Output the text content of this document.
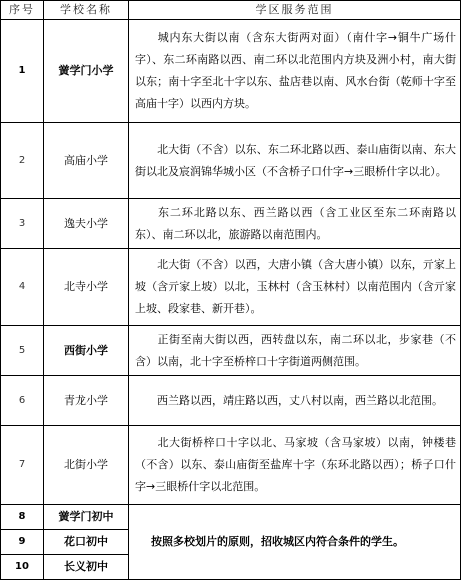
序号	学校名称	学区服务范围
1	黉学门小学	城内东大街以南（含东大街两对面）（南什字→铜牛广场什字）、东二环南路以西、南二环以北范围内方块及洲小村，南大街以东；南十字至北十字以东、盐店巷以南、风水台街（乾师十字至高庙十字）以西内方块。
2	高庙小学	北大街（不含）以东、东二环北路以西、泰山庙街以南、东大街以北及宸润锦华城小区（不含桥子口什字→三眼桥什字以北）。
3	逸夫小学	东二环北路以东、西兰路以西（含工业区至东二环南路以东）、南二环以北，旅游路以南范围内。
4	北寺小学	北大街（不含）以西，大唐小镇（含大唐小镇）以东，亓家上坡（含亓家上坡）以北，玉林村（含玉林村）以南范围内（含亓家上坡、段家巷、新开巷）。
5	西街小学	正街至南大街以西，西转盘以东，南二环以北，步家巷（不含）以南，北十字至桥梓口十字街道两侧范围。
6	青龙小学	西兰路以西，靖庄路以西，丈八村以南，西兰路以北范围。
7	北街小学	北大街桥梓口十字以北、马家坡（含马家坡）以南，钟楼巷（不含）以东、泰山庙街至盐库十字（东环北路以西）；桥子口什字→三眼桥什字以北范围。
8	黉学门初中	按照多校划片的原则，招收城区内符合条件的学生。
9	花口初中	
10	长义初中	
